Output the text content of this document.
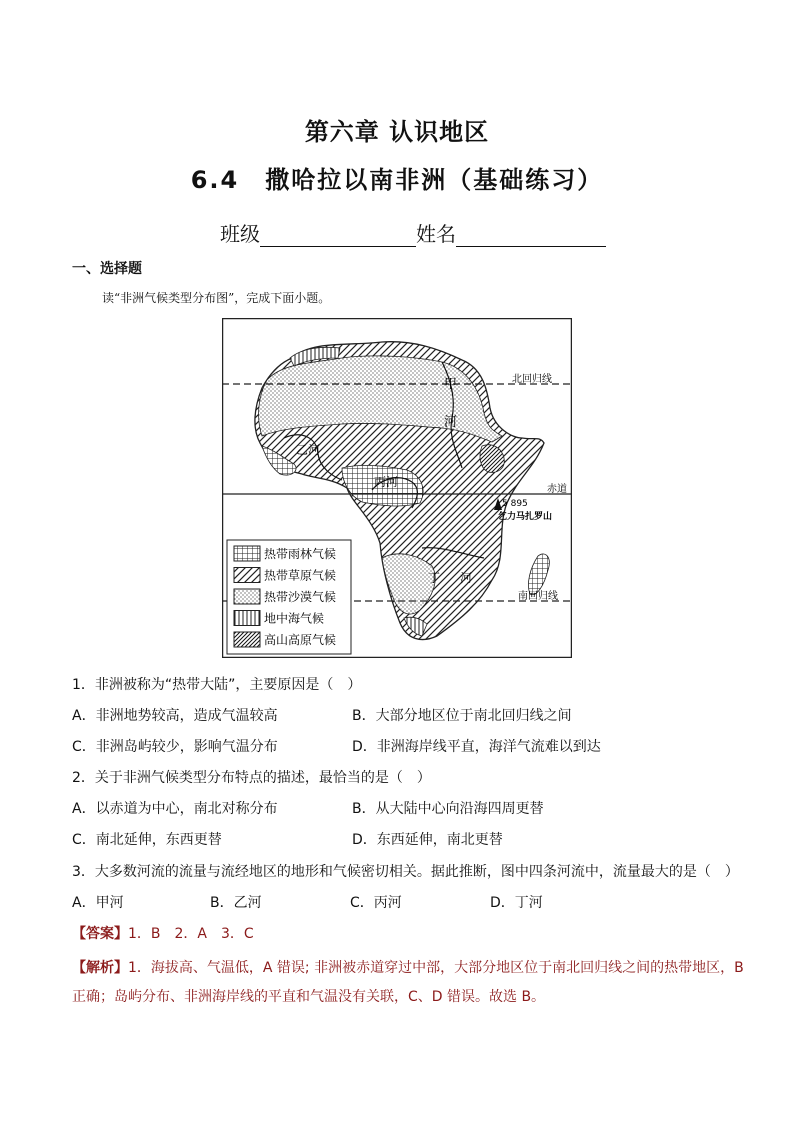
第六章 认识地区
6.4　撒哈拉以南非洲（基础练习）
班级	姓名
一、选择题
读“非洲气候类型分布图”，完成下面小题。
北回归线
赤道
南回归线
甲
河
乙河
丙河
丁 河
5 895
乞力马扎罗山
热带雨林气候
热带草原气候
热带沙漠气候
地中海气候
高山高原气候
1．非洲被称为“热带大陆”，主要原因是（　）
A．非洲地势较高，造成气温较高	B．大部分地区位于南北回归线之间
C．非洲岛屿较少，影响气温分布	D．非洲海岸线平直，海洋气流难以到达
2．关于非洲气候类型分布特点的描述，最恰当的是（　）
A．以赤道为中心，南北对称分布	B．从大陆中心向沿海四周更替
C．南北延伸，东西更替	D．东西延伸，南北更替
3．大多数河流的流量与流经地区的地形和气候密切相关。据此推断，图中四条河流中，流量最大的是（　）
A．甲河	B．乙河	C．丙河	D．丁河
【答案】1．B　2．A　3．C
【解析】1．海拔高、气温低，A 错误; 非洲被赤道穿过中部，大部分地区位于南北回归线之间的热带地区，B 正确；岛屿分布、非洲海岸线的平直和气温没有关联，C、D 错误。故选 B。
